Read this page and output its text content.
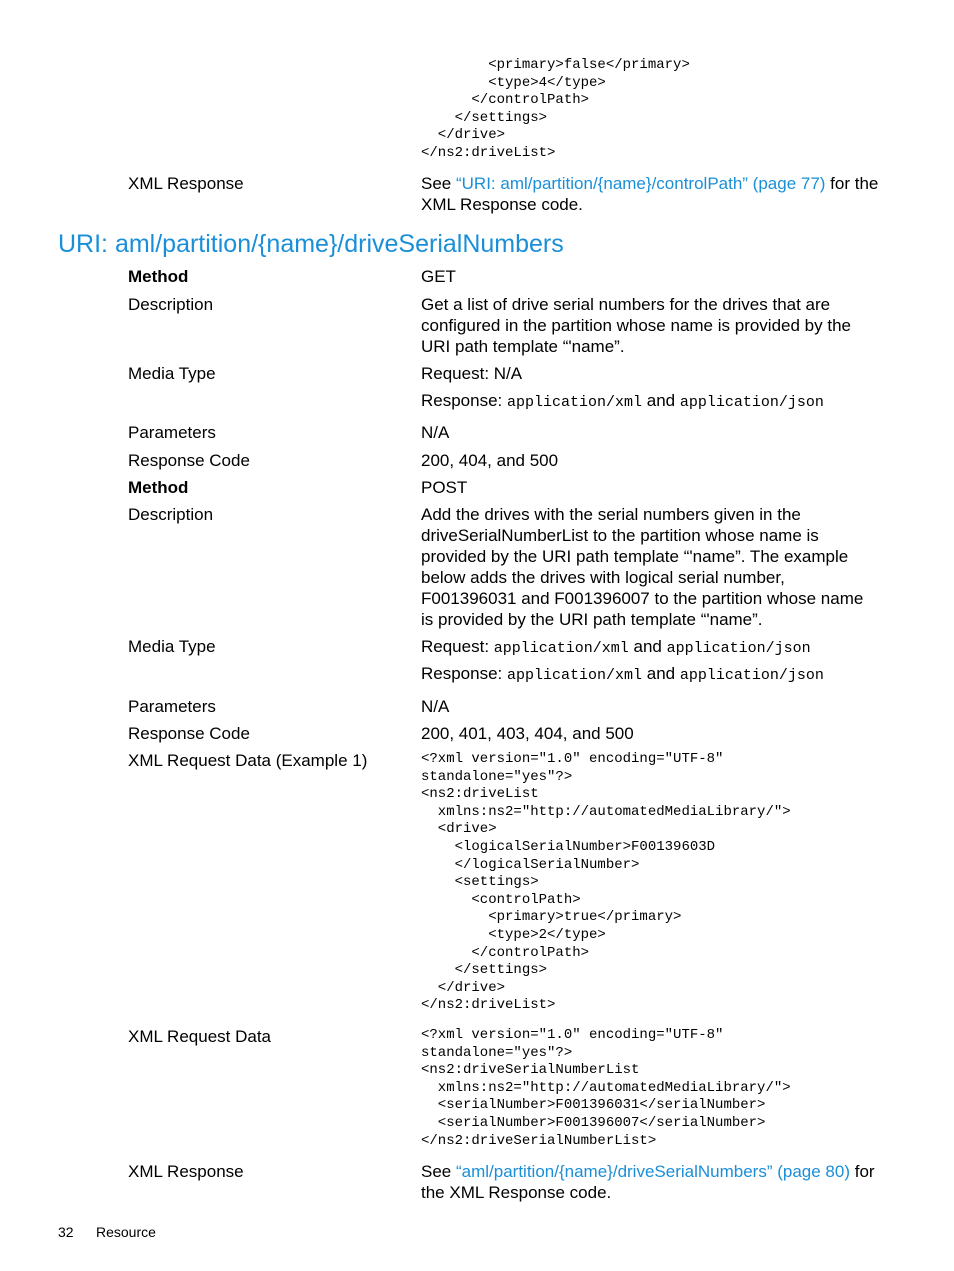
<primary>false</primary>
<type>4</type>
</controlPath>
</settings>
</drive>
</ns2:driveList>
XML Response	See “URI: aml/partition/{name}/controlPath” (page 77) for the XML Response code.
URI: aml/partition/{name}/driveSerialNumbers
Method	GET
Description	Get a list of drive serial numbers for the drives that are configured in the partition whose name is provided by the URI path template “'name”.
Media Type	Request: N/A
Response: application/xml and application/json
Parameters	N/A
Response Code	200, 404, and 500
Method	POST
Description	Add the drives with the serial numbers given in the driveSerialNumberList to the partition whose name is provided by the URI path template “'name”. The example below adds the drives with logical serial number, F001396031 and F001396007 to the partition whose name is provided by the URI path template “'name”.
Media Type	Request: application/xml and application/json
Response: application/xml and application/json
Parameters	N/A
Response Code	200, 401, 403, 404, and 500
XML Request Data (Example 1)	<?xml version="1.0" encoding="UTF-8"
standalone="yes"?>
<ns2:driveList
xmlns:ns2="http://automatedMediaLibrary/">
<drive>
<logicalSerialNumber>F00139603D
</logicalSerialNumber>
<settings>
<controlPath>
<primary>true</primary>
<type>2</type>
</controlPath>
</settings>
</drive>
</ns2:driveList>
XML Request Data	<?xml version="1.0" encoding="UTF-8"
standalone="yes"?>
<ns2:driveSerialNumberList
xmlns:ns2="http://automatedMediaLibrary/">
<serialNumber>F001396031</serialNumber>
<serialNumber>F001396007</serialNumber>
</ns2:driveSerialNumberList>
XML Response	See “aml/partition/{name}/driveSerialNumbers” (page 80) for the XML Response code.
32 Resource
